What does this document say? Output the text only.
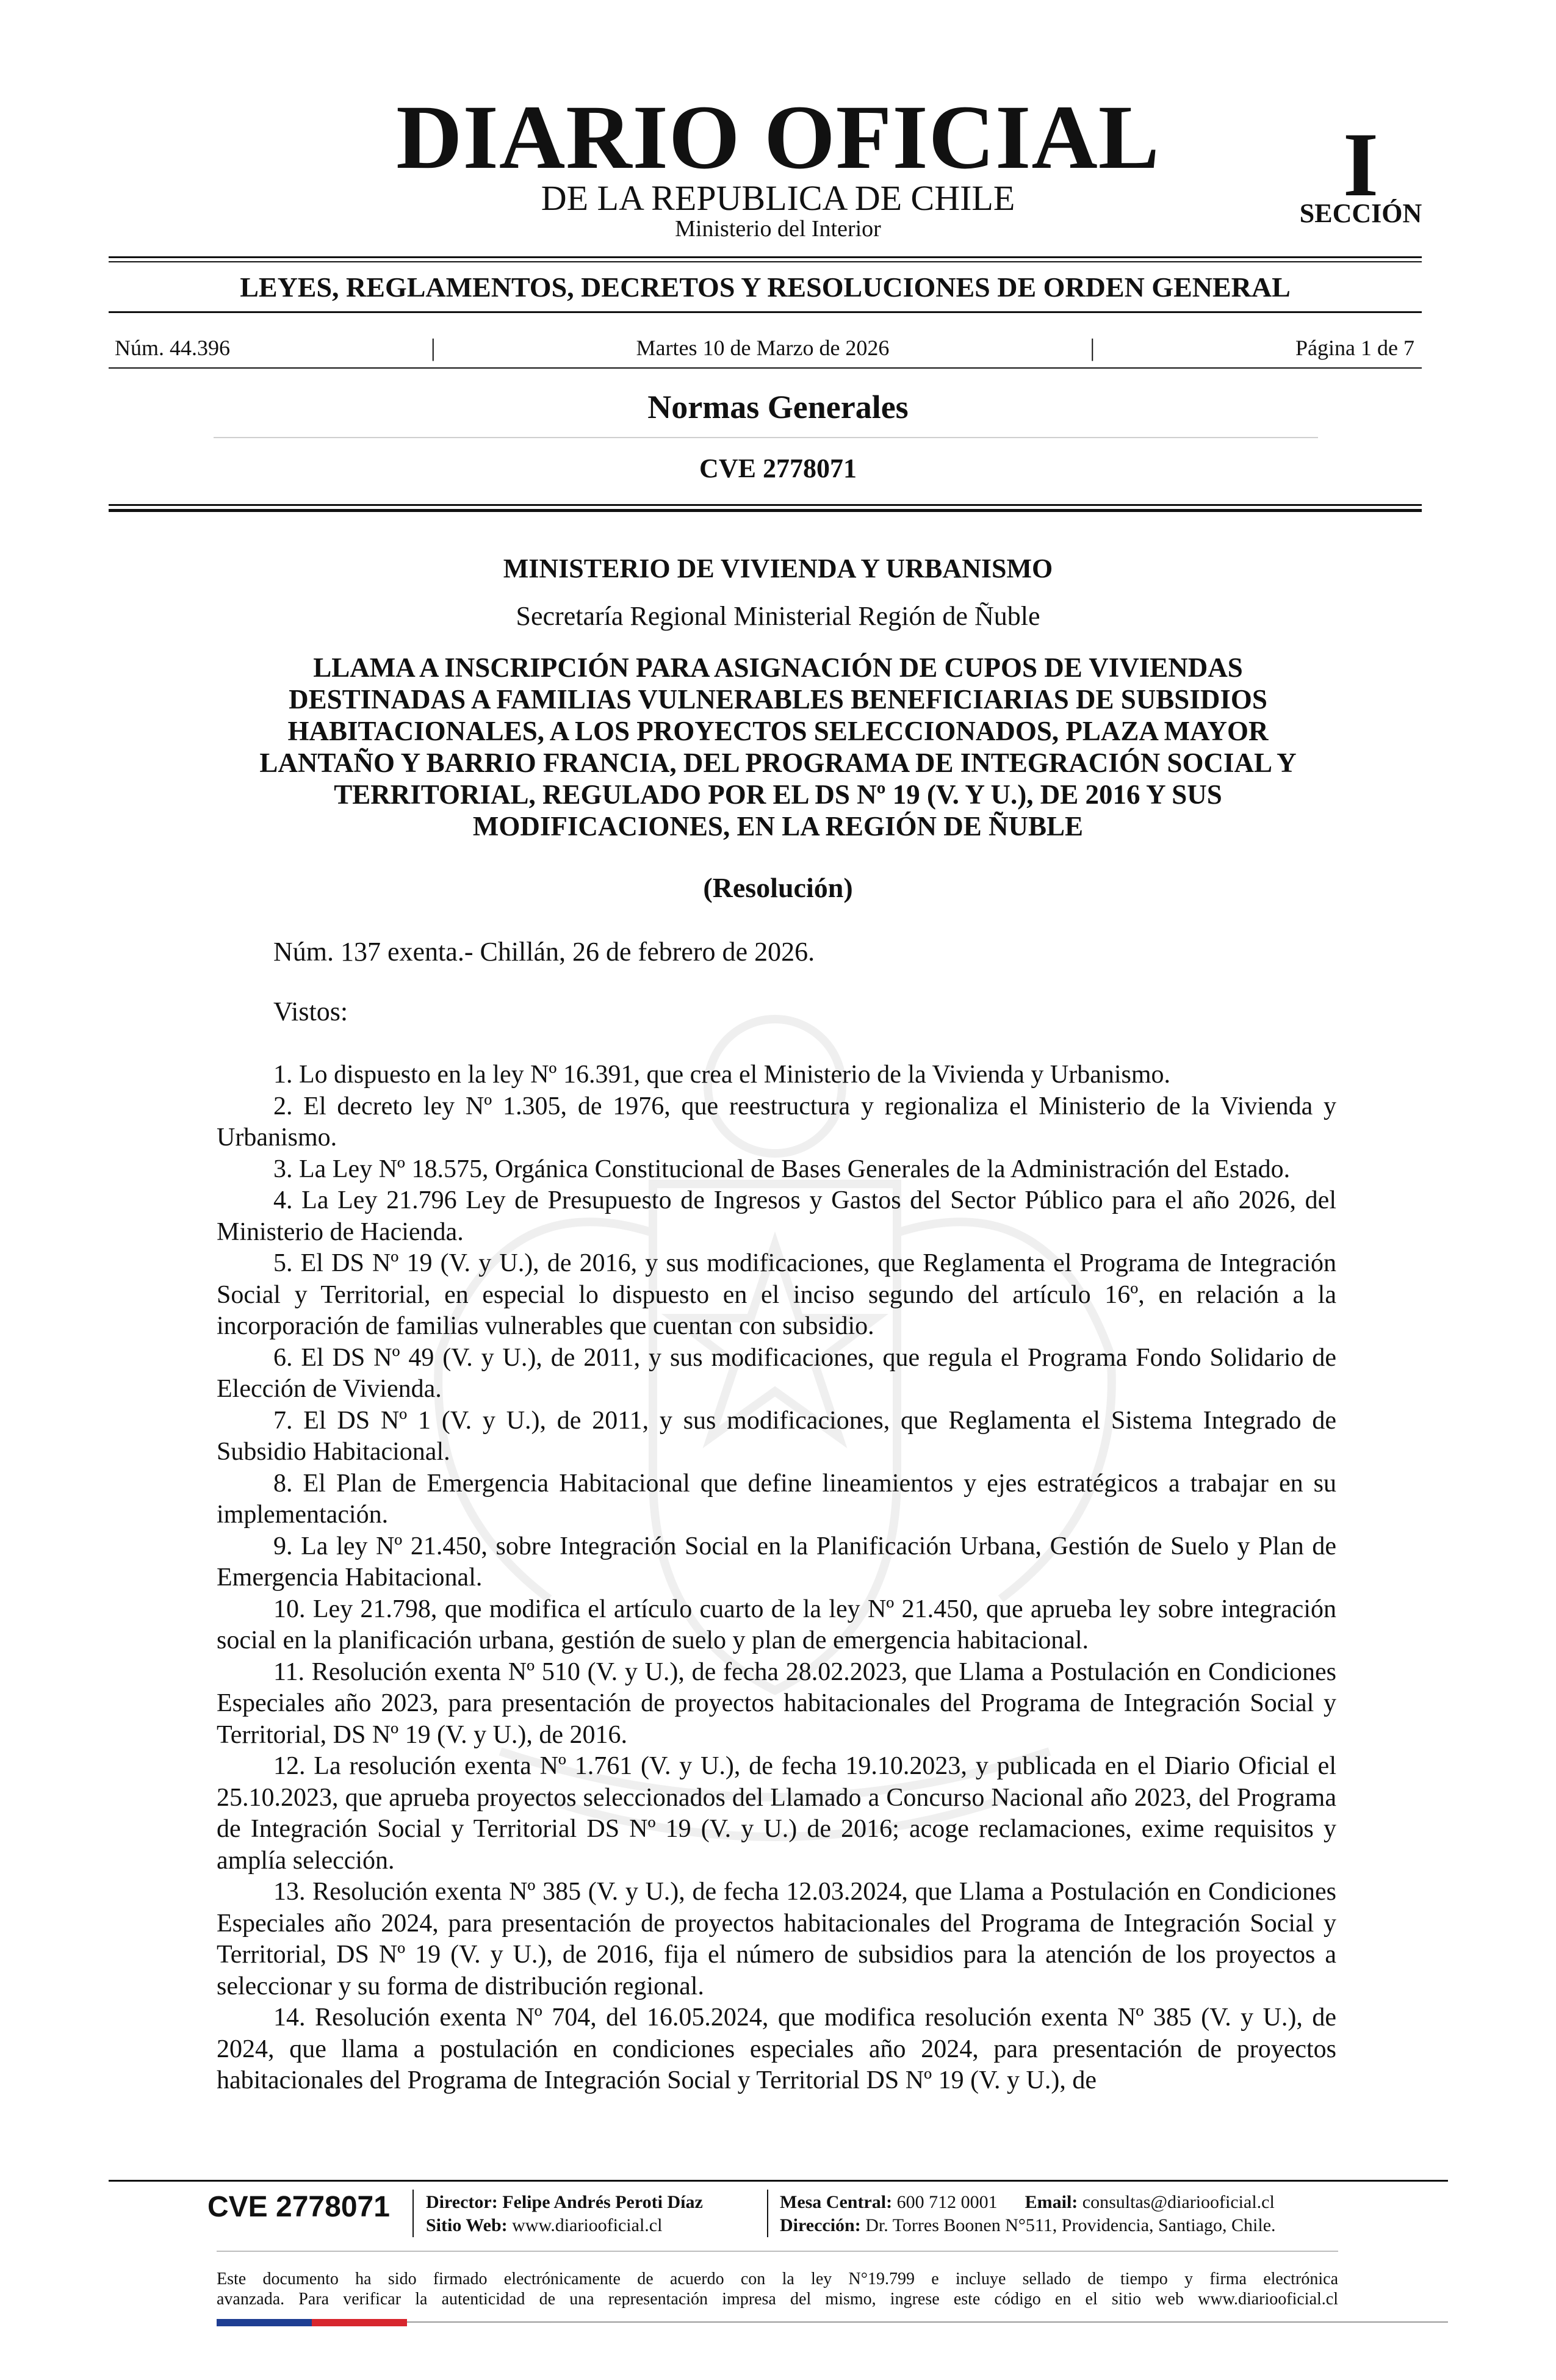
DIARIO OFICIAL
DE LA REPUBLICA DE CHILE
Ministerio del Interior
I
SECCIÓN
LEYES, REGLAMENTOS, DECRETOS Y RESOLUCIONES DE ORDEN GENERAL
Núm. 44.396	|	Martes 10 de Marzo de 2026	|	Página 1 de 7
Normas Generales
CVE 2778071
MINISTERIO DE VIVIENDA Y URBANISMO
Secretaría Regional Ministerial Región de Ñuble
LLAMA A INSCRIPCIÓN PARA ASIGNACIÓN DE CUPOS DE VIVIENDAS
DESTINADAS A FAMILIAS VULNERABLES BENEFICIARIAS DE SUBSIDIOS
HABITACIONALES, A LOS PROYECTOS SELECCIONADOS, PLAZA MAYOR
LANTAÑO Y BARRIO FRANCIA, DEL PROGRAMA DE INTEGRACIÓN SOCIAL Y
TERRITORIAL, REGULADO POR EL DS Nº 19 (V. Y U.), DE 2016 Y SUS
MODIFICACIONES, EN LA REGIÓN DE ÑUBLE
(Resolución)
Núm. 137 exenta.- Chillán, 26 de febrero de 2026.
Vistos:

1. Lo dispuesto en la ley Nº 16.391, que crea el Ministerio de la Vivienda y Urbanismo.

2. El decreto ley Nº 1.305, de 1976, que reestructura y regionaliza el Ministerio de la Vivienda y Urbanismo.

3. La Ley Nº 18.575, Orgánica Constitucional de Bases Generales de la Administración del Estado.

4. La Ley 21.796 Ley de Presupuesto de Ingresos y Gastos del Sector Público para el año 2026, del Ministerio de Hacienda.

5. El DS Nº 19 (V. y U.), de 2016, y sus modificaciones, que Reglamenta el Programa de Integración Social y Territorial, en especial lo dispuesto en el inciso segundo del artículo 16º, en relación a la incorporación de familias vulnerables que cuentan con subsidio.

6. El DS Nº 49 (V. y U.), de 2011, y sus modificaciones, que regula el Programa Fondo Solidario de Elección de Vivienda.

7. El DS Nº 1 (V. y U.), de 2011, y sus modificaciones, que Reglamenta el Sistema Integrado de Subsidio Habitacional.

8. El Plan de Emergencia Habitacional que define lineamientos y ejes estratégicos a trabajar en su implementación.

9. La ley Nº 21.450, sobre Integración Social en la Planificación Urbana, Gestión de Suelo y Plan de Emergencia Habitacional.

10. Ley 21.798, que modifica el artículo cuarto de la ley Nº 21.450, que aprueba ley sobre integración social en la planificación urbana, gestión de suelo y plan de emergencia habitacional.

11. Resolución exenta Nº 510 (V. y U.), de fecha 28.02.2023, que Llama a Postulación en Condiciones Especiales año 2023, para presentación de proyectos habitacionales del Programa de Integración Social y Territorial, DS Nº 19 (V. y U.), de 2016.

12. La resolución exenta Nº 1.761 (V. y U.), de fecha 19.10.2023, y publicada en el Diario Oficial el 25.10.2023, que aprueba proyectos seleccionados del Llamado a Concurso Nacional año 2023, del Programa de Integración Social y Territorial DS Nº 19 (V. y U.) de 2016; acoge reclamaciones, exime requisitos y amplía selección.

13. Resolución exenta Nº 385 (V. y U.), de fecha 12.03.2024, que Llama a Postulación en Condiciones Especiales año 2024, para presentación de proyectos habitacionales del Programa de Integración Social y Territorial, DS Nº 19 (V. y U.), de 2016, fija el número de subsidios para la atención de los proyectos a seleccionar y su forma de distribución regional.

14. Resolución exenta Nº 704, del 16.05.2024, que modifica resolución exenta Nº 385 (V. y U.), de 2024, que llama a postulación en condiciones especiales año 2024, para presentación de proyectos habitacionales del Programa de Integración Social y Territorial DS Nº 19 (V. y U.), de

CVE 2778071 Director: Felipe Andrés Peroti Díaz
Sitio Web: www.diariooficial.cl
Mesa Central: 600 712 0001 Email: consultas@diariooficial.cl
Dirección: Dr. Torres Boonen N°511, Providencia, Santiago, Chile.
Este documento ha sido firmado electrónicamente de acuerdo con la ley N°19.799 e incluye sellado de tiempo y firma electrónica
avanzada. Para verificar la autenticidad de una representación impresa del mismo, ingrese este código en el sitio web www.diariooficial.cl
